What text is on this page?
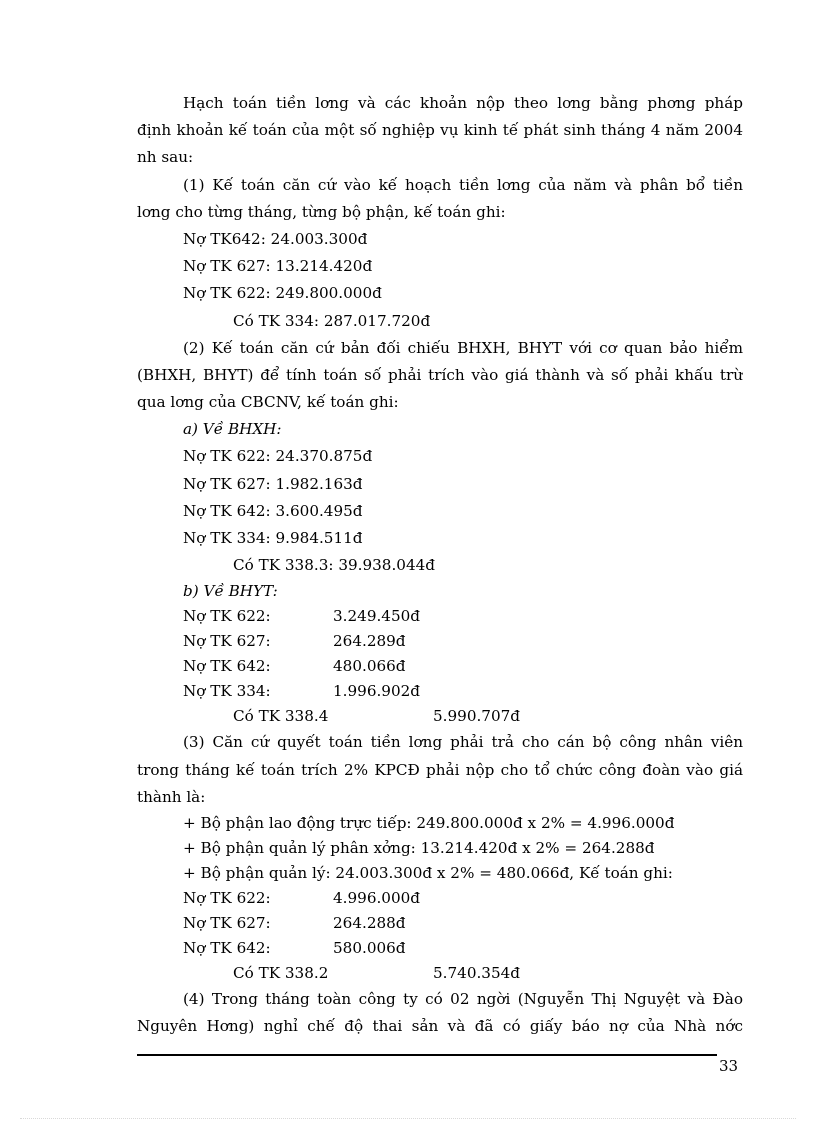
Hạch toán tiền lơng và các khoản nộp theo lơng bằng phơng pháp
định khoản kế toán của một số nghiệp vụ kinh tế phát sinh tháng 4 năm 2004
nh sau:
(1) Kế toán căn cứ vào kế hoạch tiền lơng của năm và phân bổ tiền
lơng cho từng tháng, từng bộ phận, kế toán ghi:
Nợ TK642: 24.003.300đ
Nợ TK 627: 13.214.420đ
Nợ TK 622: 249.800.000đ
Có TK 334: 287.017.720đ
(2) Kế toán căn cứ bản đối chiếu BHXH, BHYT với cơ quan bảo hiểm
(BHXH, BHYT) để tính toán số phải trích vào giá thành và số phải khấu trừ
qua lơng của CBCNV, kế toán ghi:
a) Về BHXH:
Nợ TK 622: 24.370.875đ
Nợ TK 627: 1.982.163đ
Nợ TK 642: 3.600.495đ
Nợ TK 334: 9.984.511đ
Có TK 338.3: 39.938.044đ
b) Về BHYT:
Nợ TK 622:	3.249.450đ
Nợ TK 627:	264.289đ
Nợ TK 642:	480.066đ
Nợ TK 334:	1.996.902đ
Có TK 338.4	5.990.707đ
(3) Căn cứ quyết toán tiền lơng phải trả cho cán bộ công nhân viên
trong tháng kế toán trích 2% KPCĐ phải nộp cho tổ chức công đoàn vào giá
thành là:
+ Bộ phận lao động trực tiếp: 249.800.000đ x 2% = 4.996.000đ
+ Bộ phận quản lý phân xởng: 13.214.420đ x 2% = 264.288đ
+ Bộ phận quản lý: 24.003.300đ x 2% = 480.066đ, Kế toán ghi:
Nợ TK 622:	4.996.000đ
Nợ TK 627:	264.288đ
Nợ TK 642:	580.006đ
Có TK 338.2	5.740.354đ
(4) Trong tháng toàn công ty có 02 ngời (Nguyễn Thị Nguyệt và Đào
Nguyên Hơng) nghỉ chế độ thai sản và đã có giấy báo nợ của Nhà nớc
33
